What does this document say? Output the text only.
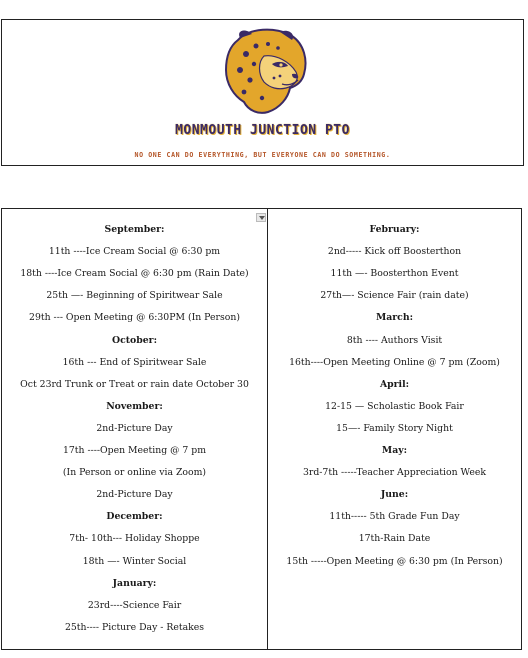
MONMOUTH JUNCTION PTO
NO ONE CAN DO EVERYTHING, BUT EVERYONE CAN DO SOMETHING.
September:
11th ----Ice Cream Social @ 6:30 pm
18th ----Ice Cream Social @ 6:30 pm (Rain Date)
25th —- Beginning of Spiritwear Sale
29th --- Open Meeting @ 6:30PM (In Person)
October:
16th --- End of Spiritwear Sale
Oct 23rd Trunk or Treat or rain date October 30
November:
2nd-Picture Day
17th ----Open Meeting @ 7 pm
(In Person or online via Zoom)
2nd-Picture Day
December:
7th- 10th--- Holiday Shoppe
18th —- Winter Social
January:
23rd----Science Fair
25th---- Picture Day - Retakes
February:
2nd----- Kick off Boosterthon
11th —- Boosterthon Event
27th—- Science Fair (rain date)
March:
8th ---- Authors Visit
16th----Open Meeting Online @ 7 pm (Zoom)
April:
12-15 — Scholastic Book Fair
15—- Family Story Night
May:
3rd-7th -----Teacher Appreciation Week
June:
11th----- 5th Grade Fun Day
17th-Rain Date
15th -----Open Meeting @ 6:30 pm (In Person)
